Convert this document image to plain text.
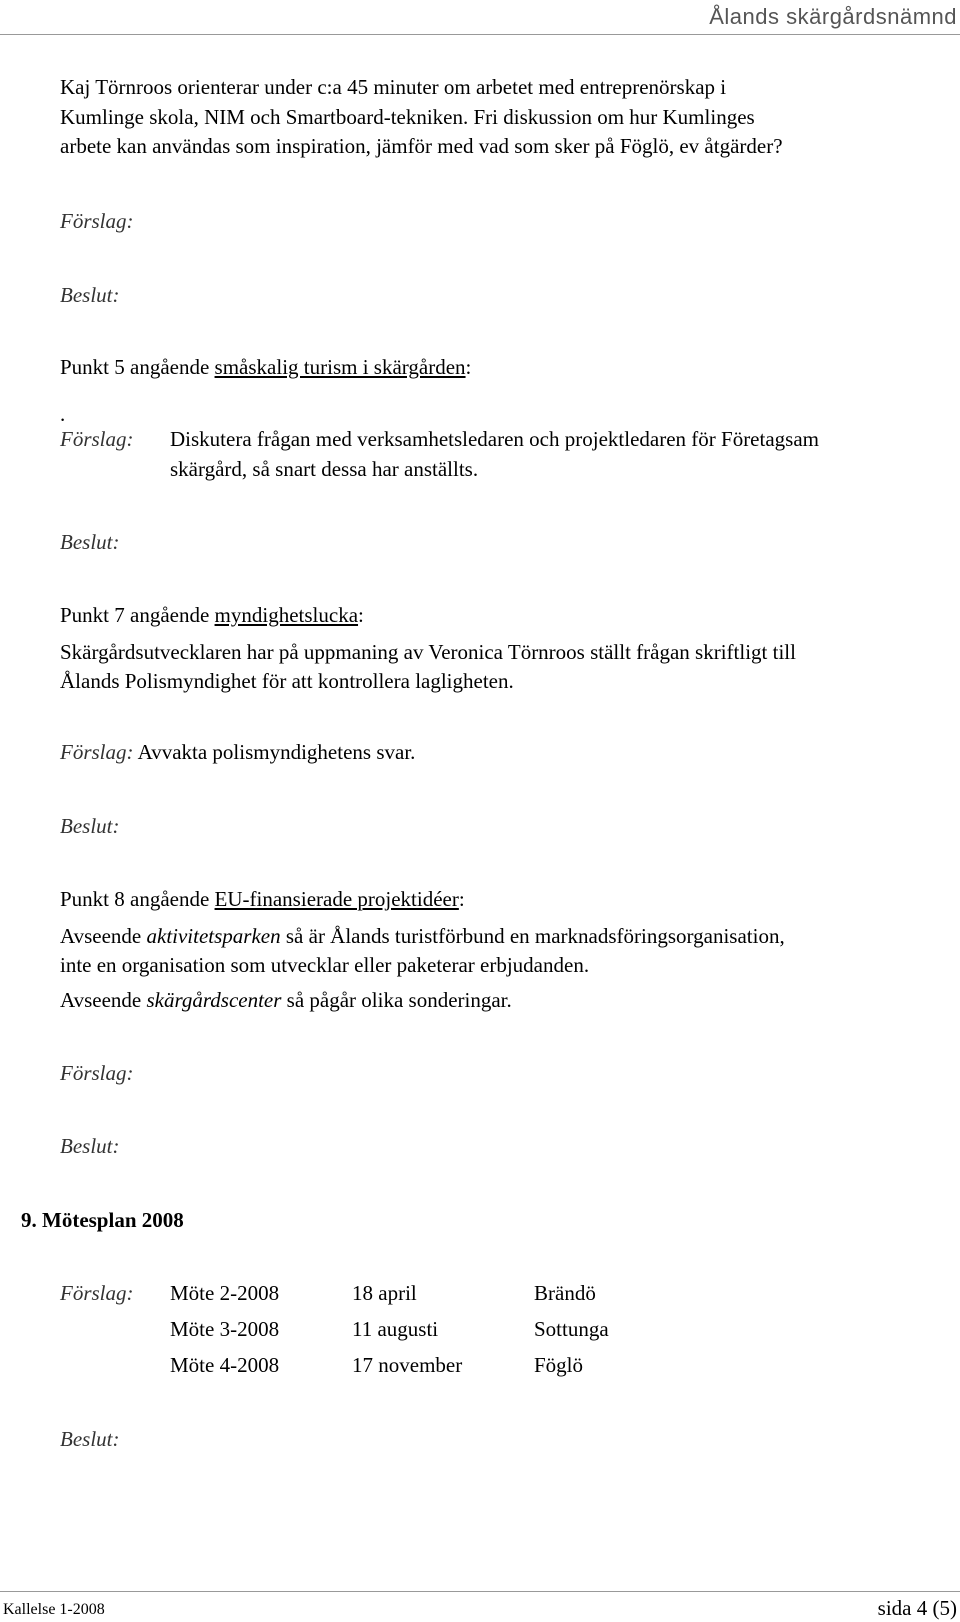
Ålands skärgårdsnämnd
Kaj Törnroos orienterar under c:a 45 minuter om arbetet med entreprenörskap i
Kumlinge skola, NIM och Smartboard-tekniken. Fri diskussion om hur Kumlinges
arbete kan användas som inspiration, jämför med vad som sker på Föglö, ev åtgärder?
Förslag:
Beslut:
Punkt 5 angående småskalig turism i skärgården:
.
Förslag: Diskutera frågan med verksamhetsledaren och projektledaren för Företagsam
skärgård, så snart dessa har anställts.
Beslut:
Punkt 7 angående myndighetslucka:
Skärgårdsutvecklaren har på uppmaning av Veronica Törnroos ställt frågan skriftligt till
Ålands Polismyndighet för att kontrollera lagligheten.
Förslag: Avvakta polismyndighetens svar.
Beslut:
Punkt 8 angående EU-finansierade projektidéer:
Avseende aktivitetsparken så är Ålands turistförbund en marknadsföringsorganisation,
inte en organisation som utvecklar eller paketerar erbjudanden.
Avseende skärgårdscenter så pågår olika sonderingar.
Förslag:
Beslut:
9. Mötesplan 2008
Förslag: Möte 2-2008	18 april	Brändö
Möte 3-2008	11 augusti	Sottunga
Möte 4-2008	17 november	Föglö
Beslut:
Kallelse 1-2008	sida 4 (5)
